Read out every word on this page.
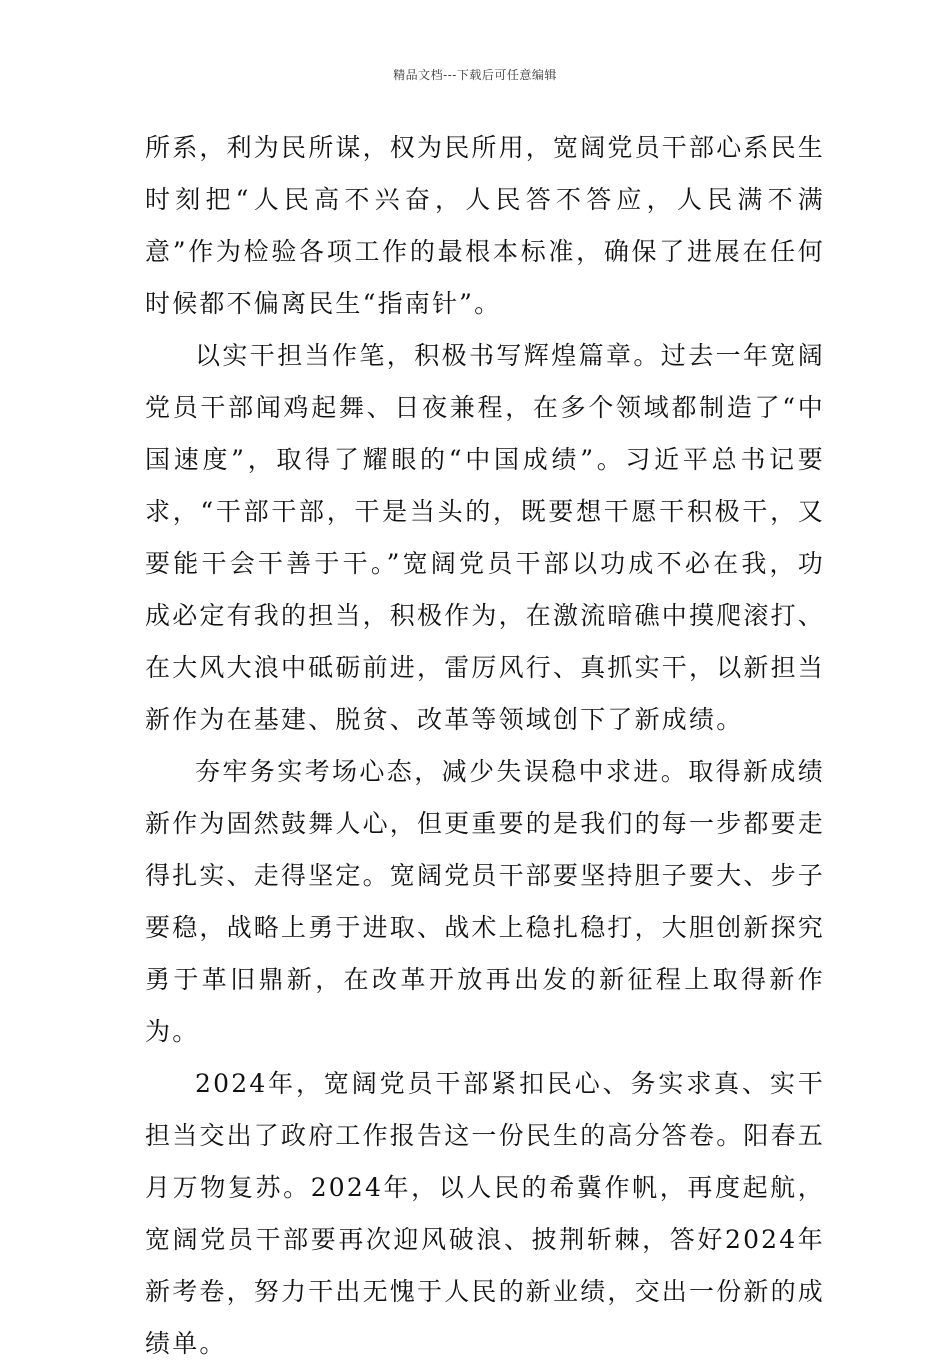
精品文档---下载后可任意编辑

所系，利为民所谋，权为民所用，宽阔党员干部心系民生时刻把“人民高不兴奋，人民答不答应，人民满不满意”作为检验各项工作的最根本标准，确保了进展在任何时候都不偏离民生“指南针”。

以实干担当作笔，积极书写辉煌篇章。过去一年宽阔党员干部闻鸡起舞、日夜兼程，在多个领域都制造了“中国速度”，取得了耀眼的“中国成绩”。习近平总书记要求，“干部干部，干是当头的，既要想干愿干积极干，又要能干会干善于干。”宽阔党员干部以功成不必在我，功成必定有我的担当，积极作为，在激流暗礁中摸爬滚打、在大风大浪中砥砺前进，雷厉风行、真抓实干，以新担当新作为在基建、脱贫、改革等领域创下了新成绩。

夯牢务实考场心态，减少失误稳中求进。取得新成绩新作为固然鼓舞人心，但更重要的是我们的每一步都要走得扎实、走得坚定。宽阔党员干部要坚持胆子要大、步子要稳，战略上勇于进取、战术上稳扎稳打，大胆创新探究勇于革旧鼎新，在改革开放再出发的新征程上取得新作为。

2024年，宽阔党员干部紧扣民心、务实求真、实干担当交出了政府工作报告这一份民生的高分答卷。阳春五月万物复苏。2024年，以人民的希冀作帆，再度起航，宽阔党员干部要再次迎风破浪、披荆斩棘，答好2024年新考卷，努力干出无愧于人民的新业绩，交出一份新的成绩单。
